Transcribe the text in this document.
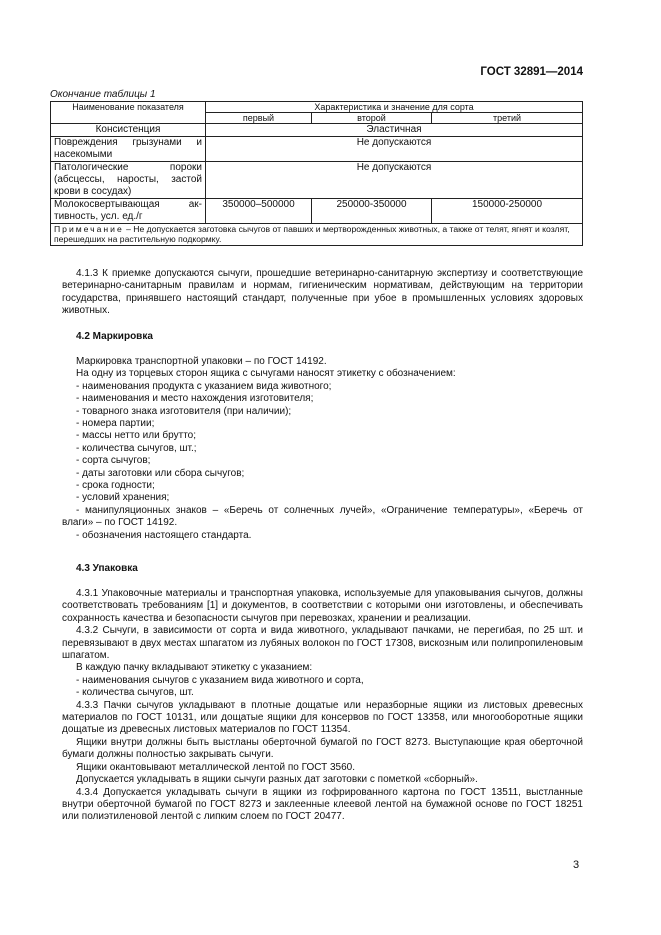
ГОСТ 32891—2014
Окончание таблицы 1
Наименование показателя	Характеристика и значение для сорта		
	первый	второй	третий
Консистенция	Эластичная		

Повреждения грызунами и
насекомыми	Не допускаются		

Патологические пороки
(абсцессы, наросты, застой
крови в сосудах)	Не допускаются		

Молокосвертывающая ак-
тивность, усл. ед./г	350000–500000	250000-350000	150000-250000
Примечание – Не допускается заготовка сычугов от павших и мертворожденных животных, а также от телят, ягнят и козлят, перешедших на растительную подкормку.			

4.1.3 К приемке допускаются сычуги, прошедшие ветеринарно-санитарную экспертизу и соответствующие ветеринарно-санитарным правилам и нормам, гигиеническим нормативам, действующим на территории государства, принявшего настоящий стандарт, полученные при убое в промышленных условиях здоровых животных.

4.2 Маркировка

Маркировка транспортной упаковки – по ГОСТ 14192.

На одну из торцевых сторон ящика с сычугами наносят этикетку с обозначением:

- наименования продукта с указанием вида животного;

- наименования и место нахождения изготовителя;

- товарного знака изготовителя (при наличии);

- номера партии;

- массы нетто или брутто;

- количества сычугов, шт.;

- сорта сычугов;

- даты заготовки или сбора сычугов;

- срока годности;

- условий хранения;

- манипуляционных знаков – «Беречь от солнечных лучей», «Ограничение температуры», «Беречь от влаги» – по ГОСТ 14192.

- обозначения настоящего стандарта.

4.3 Упаковка

4.3.1 Упаковочные материалы и транспортная упаковка, используемые для упаковывания сычугов, должны соответствовать требованиям [1] и документов, в соответствии с которыми они изготовлены, и обеспечивать сохранность качества и безопасности сычугов при перевозках, хранении и реализации.

4.3.2 Сычуги, в зависимости от сорта и вида животного, укладывают пачками, не перегибая, по 25 шт. и перевязывают в двух местах шпагатом из лубяных волокон по ГОСТ 17308, вискозным или полипропиленовым шпагатом.

В каждую пачку вкладывают этикетку с указанием:

- наименования сычугов с указанием вида животного и сорта,

- количества сычугов, шт.

4.3.3 Пачки сычугов укладывают в плотные дощатые или неразборные ящики из листовых древесных материалов по ГОСТ 10131, или дощатые ящики для консервов по ГОСТ 13358, или многооборотные ящики дощатые из древесных листовых материалов по ГОСТ 11354.

Ящики внутри должны быть выстланы оберточной бумагой по ГОСТ 8273. Выступающие края оберточной бумаги должны полностью закрывать сычуги.

Ящики окантовывают металлической лентой по ГОСТ 3560.

Допускается укладывать в ящики сычуги разных дат заготовки с пометкой «сборный».

4.3.4 Допускается укладывать сычуги в ящики из гофрированного картона по ГОСТ 13511, выстланные внутри оберточной бумагой по ГОСТ 8273 и заклеенные клеевой лентой на бумажной основе по ГОСТ 18251 или полиэтиленовой лентой с липким слоем по ГОСТ 20477.

3
